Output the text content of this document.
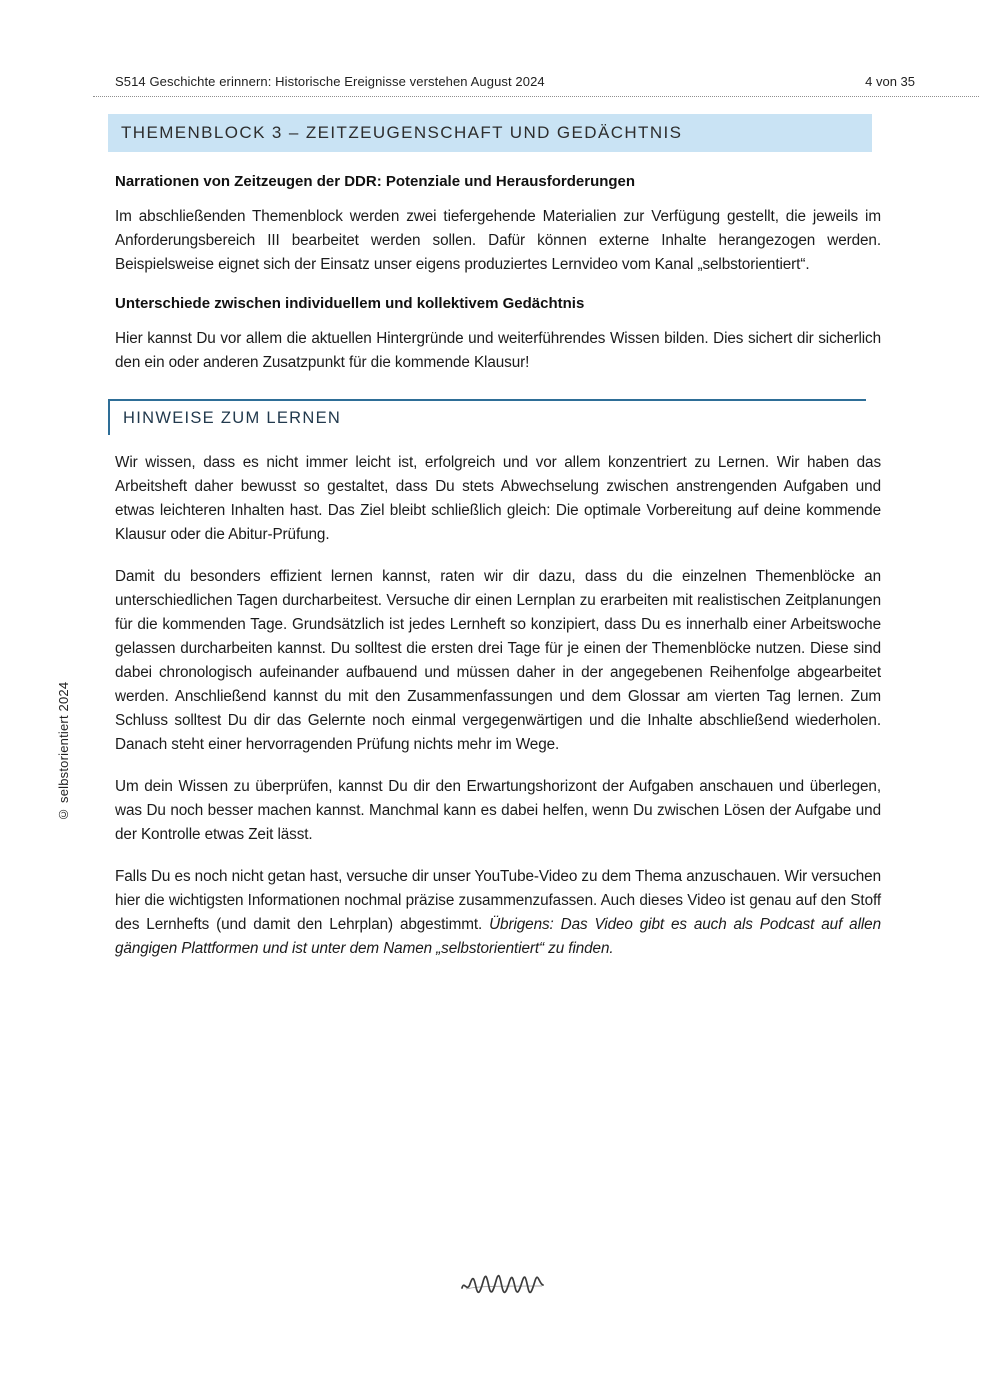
S514 Geschichte erinnern: Historische Ereignisse verstehen August 2024	4 von 35
THEMENBLOCK 3 – ZEITZEUGENSCHAFT UND GEDÄCHTNIS
Narrationen von Zeitzeugen der DDR: Potenziale und Herausforderungen

Im abschließenden Themenblock werden zwei tiefergehende Materialien zur Verfügung gestellt, die jeweils im Anforderungsbereich III bearbeitet werden sollen. Dafür können externe Inhalte herangezogen werden. Beispielsweise eignet sich der Einsatz unser eigens produziertes Lernvideo vom Kanal „selbstorientiert“.

Unterschiede zwischen individuellem und kollektivem Gedächtnis

Hier kannst Du vor allem die aktuellen Hintergründe und weiterführendes Wissen bilden. Dies sichert dir sicherlich den ein oder anderen Zusatzpunkt für die kommende Klausur!

HINWEISE ZUM LERNEN

Wir wissen, dass es nicht immer leicht ist, erfolgreich und vor allem konzentriert zu Lernen. Wir haben das Arbeitsheft daher bewusst so gestaltet, dass Du stets Abwechselung zwischen anstrengenden Aufgaben und etwas leichteren Inhalten hast. Das Ziel bleibt schließlich gleich: Die optimale Vorbereitung auf deine kommende Klausur oder die Abitur-Prüfung.

Damit du besonders effizient lernen kannst, raten wir dir dazu, dass du die einzelnen Themenblöcke an unterschiedlichen Tagen durcharbeitest. Versuche dir einen Lernplan zu erarbeiten mit realistischen Zeitplanungen für die kommenden Tage. Grundsätzlich ist jedes Lernheft so konzipiert, dass Du es innerhalb einer Arbeitswoche gelassen durcharbeiten kannst. Du solltest die ersten drei Tage für je einen der Themenblöcke nutzen. Diese sind dabei chronologisch aufeinander aufbauend und müssen daher in der angegebenen Reihenfolge abgearbeitet werden. Anschließend kannst du mit den Zusammenfassungen und dem Glossar am vierten Tag lernen. Zum Schluss solltest Du dir das Gelernte noch einmal vergegenwärtigen und die Inhalte abschließend wiederholen. Danach steht einer hervorragenden Prüfung nichts mehr im Wege.

Um dein Wissen zu überprüfen, kannst Du dir den Erwartungshorizont der Aufgaben anschauen und überlegen, was Du noch besser machen kannst. Manchmal kann es dabei helfen, wenn Du zwischen Lösen der Aufgabe und der Kontrolle etwas Zeit lässt.

Falls Du es noch nicht getan hast, versuche dir unser YouTube-Video zu dem Thema anzuschauen. Wir versuchen hier die wichtigsten Informationen nochmal präzise zusammenzufassen. Auch dieses Video ist genau auf den Stoff des Lernhefts (und damit den Lehrplan) abgestimmt. Übrigens: Das Video gibt es auch als Podcast auf allen gängigen Plattformen und ist unter dem Namen „selbstorientiert“ zu finden.

© selbstorientiert 2024
